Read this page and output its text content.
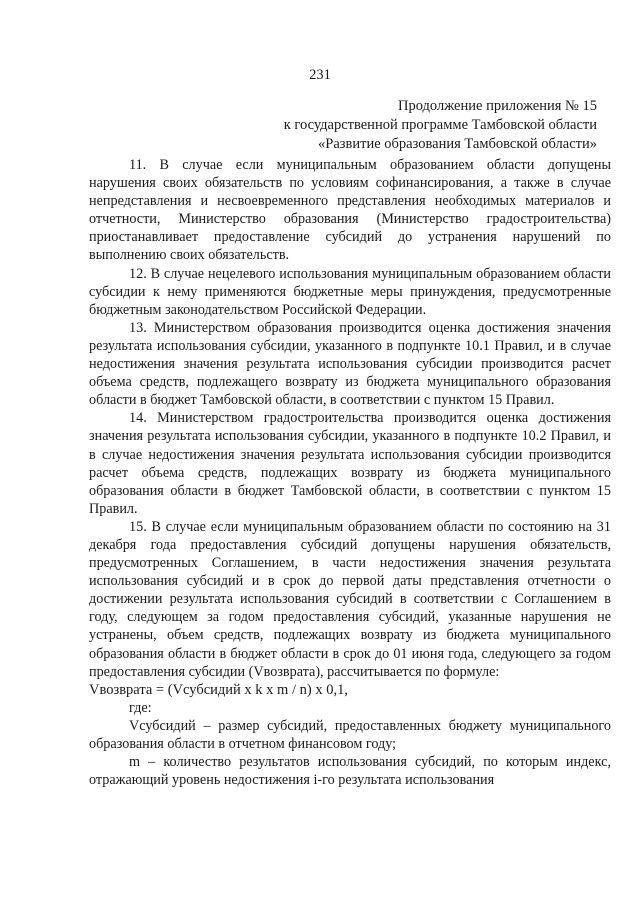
231
Продолжение приложения № 15
к государственной программе Тамбовской области
«Развитие образования Тамбовской области»

11. В случае если муниципальным образованием области допущены нарушения своих обязательств по условиям софинансирования, а также в случае непредставления и несвоевременного представления необходимых материалов и отчетности, Министерство образования (Министерство градостроительства) приостанавливает предоставление субсидий до устранения нарушений по выполнению своих обязательств.

12. В случае нецелевого использования муниципальным образованием области субсидии к нему применяются бюджетные меры принуждения, предусмотренные бюджетным законодательством Российской Федерации.

13. Министерством образования производится оценка достижения значения результата использования субсидии, указанного в подпункте 10.1 Правил, и в случае недостижения значения результата использования субсидии производится расчет объема средств, подлежащего возврату из бюджета муниципального образования области в бюджет Тамбовской области, в соответствии с пунктом 15 Правил.

14. Министерством градостроительства производится оценка достижения значения результата использования субсидии, указанного в подпункте 10.2 Правил, и в случае недостижения значения результата использования субсидии производится расчет объема средств, подлежащих возврату из бюджета муниципального образования области в бюджет Тамбовской области, в соответствии с пунктом 15 Правил.

15. В случае если муниципальным образованием области по состоянию на 31 декабря года предоставления субсидий допущены нарушения обязательств, предусмотренных Соглашением, в части недостижения значения результата использования субсидий и в срок до первой даты представления отчетности о достижении результата использования субсидий в соответствии с Соглашением в году, следующем за годом предоставления субсидий, указанные нарушения не устранены, объем средств, подлежащих возврату из бюджета муниципального образования области в бюджет области в срок до 01 июня года, следующего за годом предоставления субсидии (Vвозврата), рассчитывается по формуле:

Vвозврата = (Vсубсидий x k x m / n) x 0,1,

где:

Vсубсидий – размер субсидий, предоставленных бюджету муниципального образования области в отчетном финансовом году;

m – количество результатов использования субсидий, по которым индекс, отражающий уровень недостижения i-го результата использования
